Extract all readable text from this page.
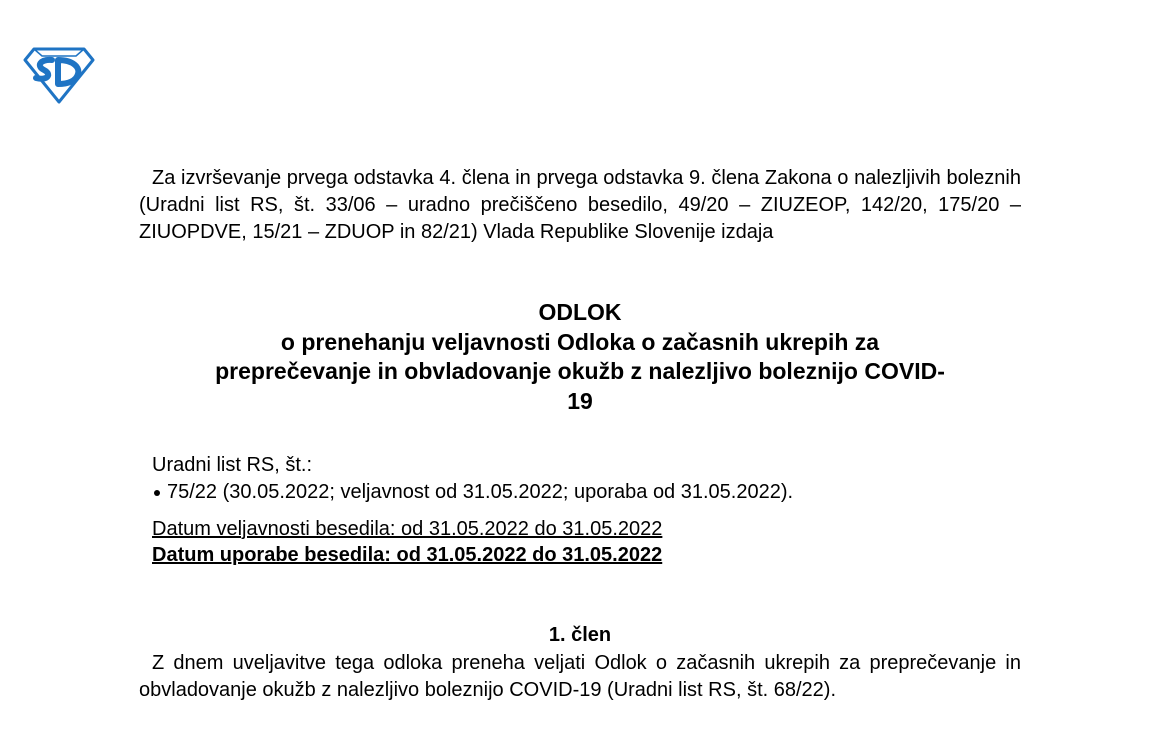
Za izvrševanje prvega odstavka 4. člena in prvega odstavka 9. člena Zakona o nalezljivih boleznih (Uradni list RS, št. 33/06 – uradno prečiščeno besedilo, 49/20 – ZIUZEOP, 142/20, 175/20 – ZIUOPDVE, 15/21 – ZDUOP in 82/21) Vlada Republike Slovenije izdaja
ODLOK
o prenehanju veljavnosti Odloka o začasnih ukrepih za
preprečevanje in obvladovanje okužb z nalezljivo boleznijo COVID-
19
Uradni list RS, št.:
75/22 (30.05.2022; veljavnost od 31.05.2022; uporaba od 31.05.2022).
Datum veljavnosti besedila: od 31.05.2022 do 31.05.2022
Datum uporabe besedila: od 31.05.2022 do 31.05.2022
1. člen
Z dnem uveljavitve tega odloka preneha veljati Odlok o začasnih ukrepih za preprečevanje in obvladovanje okužb z nalezljivo boleznijo COVID-19 (Uradni list RS, št. 68/22).
